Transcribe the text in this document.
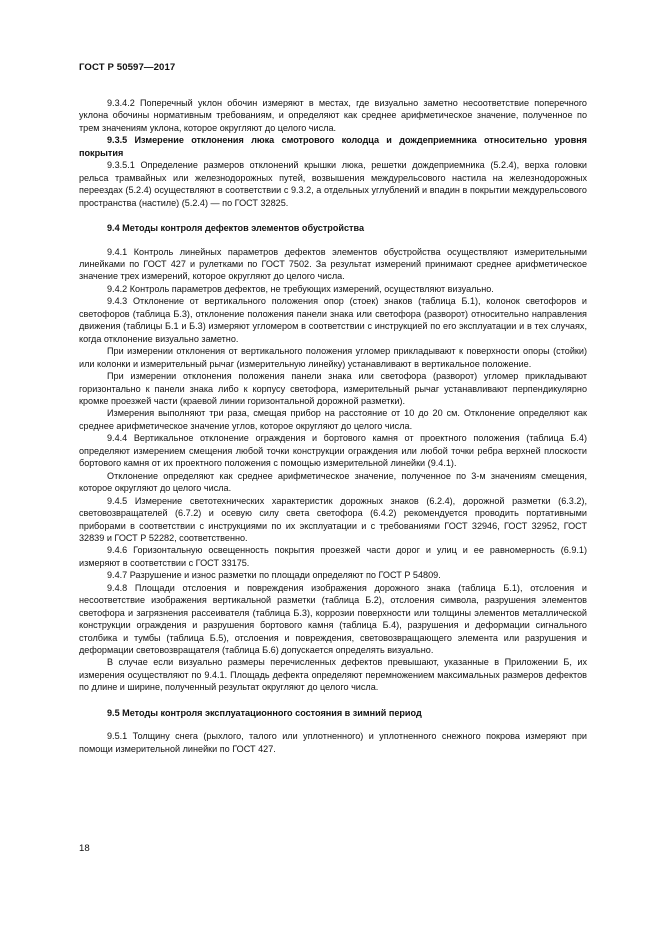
ГОСТ Р 50597—2017

9.3.4.2 Поперечный уклон обочин измеряют в местах, где визуально заметно несоответствие поперечного уклона обочины нормативным требованиям, и определяют как среднее арифметическое значение, полученное по трем значениям уклона, которое округляют до целого числа.

9.3.5 Измерение отклонения люка смотрового колодца и дождеприемника относительно уровня покрытия

9.3.5.1 Определение размеров отклонений крышки люка, решетки дождеприемника (5.2.4), верха головки рельса трамвайных или железнодорожных путей, возвышения междурельсового настила на железнодорожных переездах (5.2.4) осуществляют в соответствии с 9.3.2, а отдельных углублений и впадин в покрытии междурельсового пространства (настиле) (5.2.4) — по ГОСТ 32825.

9.4 Методы контроля дефектов элементов обустройства

9.4.1 Контроль линейных параметров дефектов элементов обустройства осуществляют измерительными линейками по ГОСТ 427 и рулетками по ГОСТ 7502. За результат измерений принимают среднее арифметическое значение трех измерений, которое округляют до целого числа.

9.4.2 Контроль параметров дефектов, не требующих измерений, осуществляют визуально.

9.4.3 Отклонение от вертикального положения опор (стоек) знаков (таблица Б.1), колонок светофоров и светофоров (таблица Б.3), отклонение положения панели знака или светофора (разворот) относительно направления движения (таблицы Б.1 и Б.3) измеряют угломером в соответствии с инструкцией по его эксплуатации и в тех случаях, когда отклонение визуально заметно.

При измерении отклонения от вертикального положения угломер прикладывают к поверхности опоры (стойки) или колонки и измерительный рычаг (измерительную линейку) устанавливают в вертикальное положение.

При измерении отклонения положения панели знака или светофора (разворот) угломер прикладывают горизонтально к панели знака либо к корпусу светофора, измерительный рычаг устанавливают перпендикулярно кромке проезжей части (краевой линии горизонтальной дорожной разметки).

Измерения выполняют три раза, смещая прибор на расстояние от 10 до 20 см. Отклонение определяют как среднее арифметическое значение углов, которое округляют до целого числа.

9.4.4 Вертикальное отклонение ограждения и бортового камня от проектного положения (таблица Б.4) определяют измерением смещения любой точки конструкции ограждения или любой точки ребра верхней плоскости бортового камня от их проектного положения с помощью измерительной линейки (9.4.1).

Отклонение определяют как среднее арифметическое значение, полученное по 3-м значениям смещения, которое округляют до целого числа.

9.4.5 Измерение светотехнических характеристик дорожных знаков (6.2.4), дорожной разметки (6.3.2), световозвращателей (6.7.2) и осевую силу света светофора (6.4.2) рекомендуется проводить портативными приборами в соответствии с инструкциями по их эксплуатации и с требованиями ГОСТ 32946, ГОСТ 32952, ГОСТ 32839 и ГОСТ Р 52282, соответственно.

9.4.6 Горизонтальную освещенность покрытия проезжей части дорог и улиц и ее равномерность (6.9.1) измеряют в соответствии с ГОСТ 33175.

9.4.7 Разрушение и износ разметки по площади определяют по ГОСТ Р 54809.

9.4.8 Площади отслоения и повреждения изображения дорожного знака (таблица Б.1), отслоения и несоответствие изображения вертикальной разметки (таблица Б.2), отслоения символа, разрушения элементов светофора и загрязнения рассеивателя (таблица Б.3), коррозии поверхности или толщины элементов металлической конструкции ограждения и разрушения бортового камня (таблица Б.4), разрушения и деформации сигнального столбика и тумбы (таблица Б.5), отслоения и повреждения, световозвращающего элемента или разрушения и деформации световозвращателя (таблица Б.6) допускается определять визуально.

В случае если визуально размеры перечисленных дефектов превышают, указанные в Приложении Б, их измерения осуществляют по 9.4.1. Площадь дефекта определяют перемножением максимальных размеров дефектов по длине и ширине, полученный результат округляют до целого числа.

9.5 Методы контроля эксплуатационного состояния в зимний период

9.5.1 Толщину снега (рыхлого, талого или уплотненного) и уплотненного снежного покрова измеряют при помощи измерительной линейки по ГОСТ 427.

18
